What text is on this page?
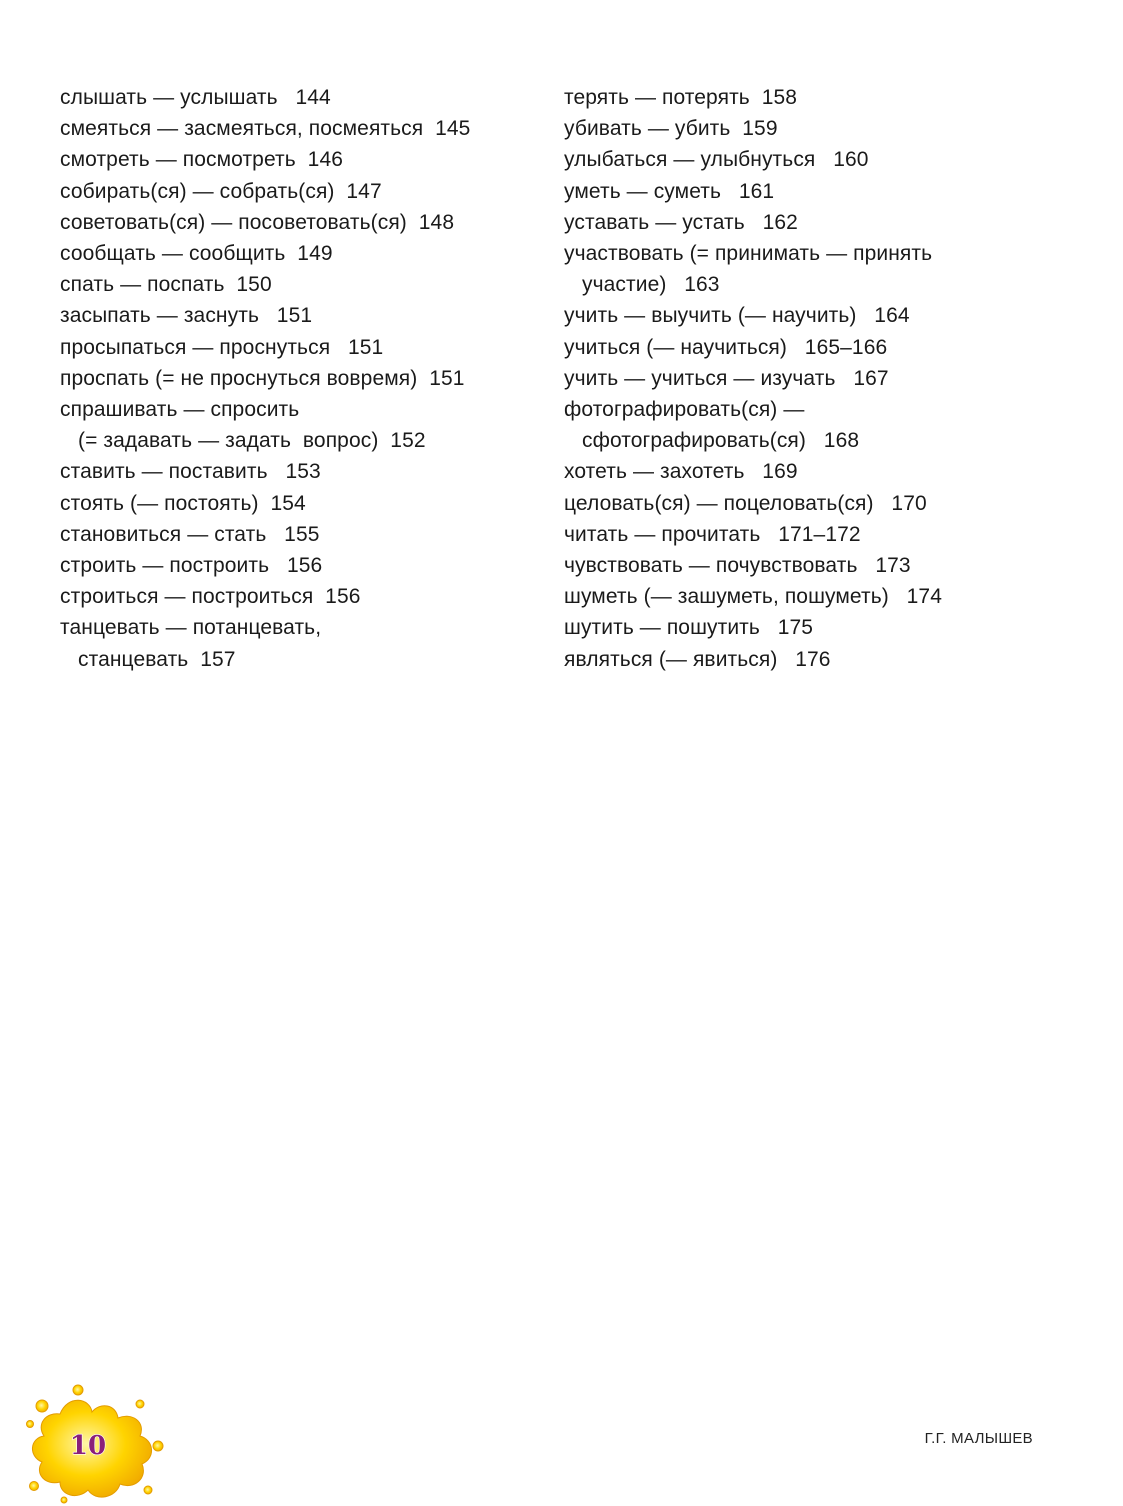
слышать — услышать   144
смеяться — засмеяться, посмеяться  145
смотреть — посмотреть  146
собирать(ся) — собрать(ся)  147
советовать(ся) — посоветовать(ся)  148
сообщать — сообщить  149
спать — поспать  150
засыпать — заснуть   151
просыпаться — проснуться   151
проспать (= не проснуться вовремя)  151
спрашивать — спросить
(= задавать — задать  вопрос)  152
ставить — поставить   153
стоять (— постоять)  154
становиться — стать   155
строить — построить   156
строиться — построиться  156
танцевать — потанцевать,
станцевать  157
терять — потерять  158
убивать — убить  159
улыбаться — улыбнуться   160
уметь — суметь   161
уставать — устать   162
участвовать (= принимать — принять
участие)   163
учить — выучить (— научить)   164
учиться (— научиться)   165–166
учить — учиться — изучать   167
фотографировать(ся) —
сфотографировать(ся)   168
хотеть — захотеть   169
целовать(ся) — поцеловать(ся)   170
читать — прочитать   171–172
чувствовать — почувствовать   173
шуметь (— зашуметь, пошуметь)   174
шутить — пошутить   175
являться (— явиться)   176
10	Г.Г. МАЛЫШЕВ
